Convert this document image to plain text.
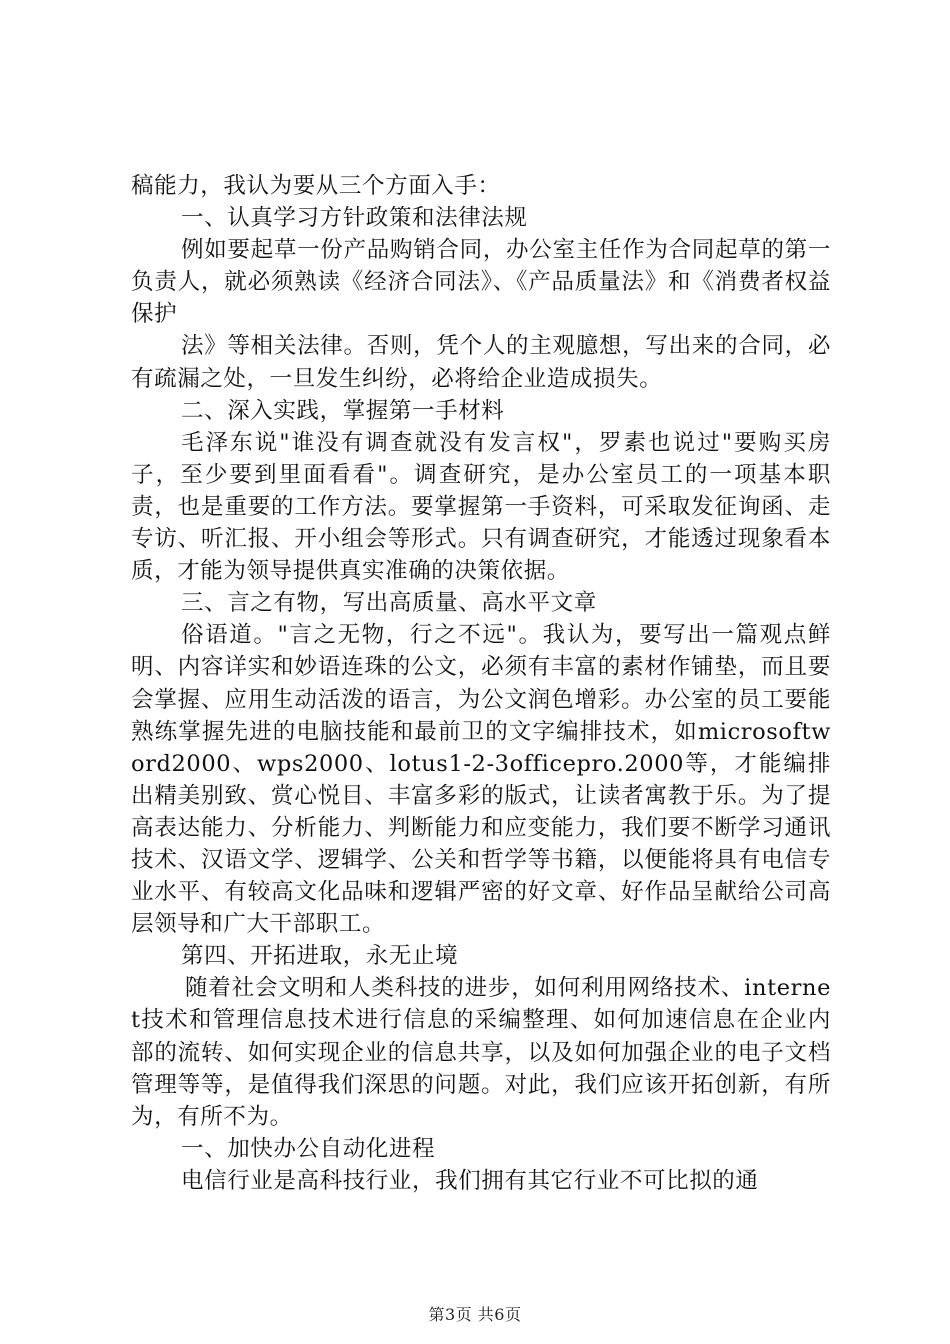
稿能力，我认为要从三个方面入手：

一、认真学习方针政策和法律法规

例如要起草一份产品购销合同，办公室主任作为合同起草的第一负责人，就必须熟读《经济合同法》、《产品质量法》和《消费者权益保护

法》等相关法律。否则，凭个人的主观臆想，写出来的合同，必有疏漏之处，一旦发生纠纷，必将给企业造成损失。

二、深入实践，掌握第一手材料

毛泽东说"谁没有调查就没有发言权"，罗素也说过"要购买房子，至少要到里面看看"。调查研究，是办公室员工的一项基本职责，也是重要的工作方法。要掌握第一手资料，可采取发征询函、走专访、听汇报、开小组会等形式。只有调查研究，才能透过现象看本质，才能为领导提供真实准确的决策依据。

三、言之有物，写出高质量、高水平文章

俗语道。"言之无物，行之不远"。我认为，要写出一篇观点鲜明、内容详实和妙语连珠的公文，必须有丰富的素材作铺垫，而且要会掌握、应用生动活泼的语言，为公文润色增彩。办公室的员工要能熟练掌握先进的电脑技能和最前卫的文字编排技术，如microsoftword2000、wps2000、lotus1-2-3officepro.2000等，才能编排出精美别致、赏心悦目、丰富多彩的版式，让读者寓教于乐。为了提高表达能力、分析能力、判断能力和应变能力，我们要不断学习通讯技术、汉语文学、逻辑学、公关和哲学等书籍，以便能将具有电信专业水平、有较高文化品味和逻辑严密的好文章、好作品呈献给公司高层领导和广大干部职工。

第四、开拓进取，永无止境

随着社会文明和人类科技的进步，如何利用网络技术、internet技术和管理信息技术进行信息的采编整理、如何加速信息在企业内部的流转、如何实现企业的信息共享，以及如何加强企业的电子文档管理等等，是值得我们深思的问题。对此，我们应该开拓创新，有所为，有所不为。

一、加快办公自动化进程

电信行业是高科技行业，我们拥有其它行业不可比拟的通

第3页 共6页
